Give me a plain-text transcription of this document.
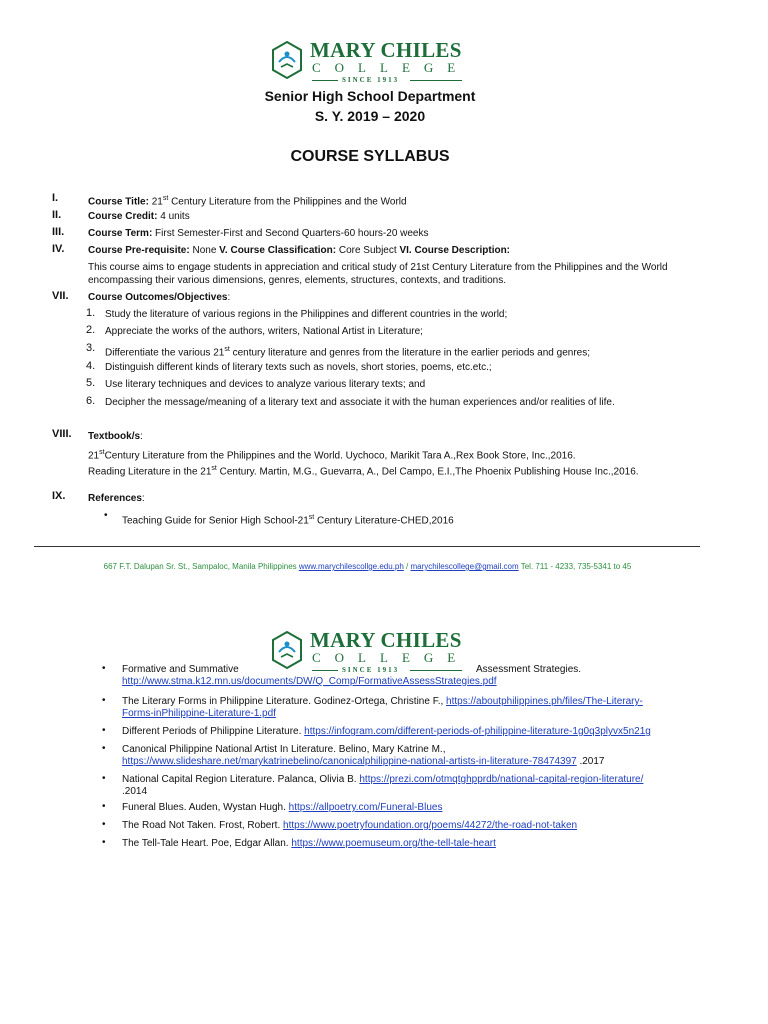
MARY CHILES
COLLEGE
SINCE 1913
Senior High School Department
S. Y. 2019 – 2020
COURSE SYLLABUS
I.	Course Title: 21st Century Literature from the Philippines and the World
II.	Course Credit: 4 units
III. Course Term: First Semester-First and Second Quarters-60 hours-20 weeks
IV. Course Pre-requisite: None V. Course Classification: Core Subject VI. Course Description:
This course aims to engage students in appreciation and critical study of 21st Century Literature from the Philippines and the World encompassing their various dimensions, genres, elements, structures, contexts, and traditions.
VII. Course Outcomes/Objectives:
1. Study the literature of various regions in the Philippines and different countries in the world;
2. Appreciate the works of the authors, writers, National Artist in Literature;
3. Differentiate the various 21st century literature and genres from the literature in the earlier periods and genres;
4. Distinguish different kinds of literary texts such as novels, short stories, poems, etc.etc.;
5. Use literary techniques and devices to analyze various literary texts; and
6. Decipher the message/meaning of a literary text and associate it with the human experiences and/or realities of life.
VIII. Textbook/s:
21stCentury Literature from the Philippines and the World. Uychoco, Marikit Tara A.,Rex Book Store, Inc.,2016.
Reading Literature in the 21st Century. Martin, M.G., Guevarra, A., Del Campo, E.I.,The Phoenix Publishing House Inc.,2016.
IX. References:
• Teaching Guide for Senior High School-21st Century Literature-CHED,2016
667 F.T. Dalupan Sr. St., Sampaloc, Manila Philippines www.marychilescollge.edu.ph / marychilescollege@gmail.com Tel. 711 - 4233, 735-5341 to 45
MARY CHILES
COLLEGE
SINCE 1913
• Formative and Summative	Assessment Strategies.

http://www.stma.k12.mn.us/documents/DW/Q_Comp/FormativeAssessStrategies.pdf
• The Literary Forms in Philippine Literature. Godinez-Ortega, Christine F., https://aboutphilippines.ph/files/The-Literary-
Forms-inPhilippine-Literature-1.pdf
• Different Periods of Philippine Literature. https://infogram.com/different-periods-of-philippine-literature-1g0q3plyvx5n21g
• Canonical Philippine National Artist In Literature. Belino, Mary Katrine M.,
https://www.slideshare.net/marykatrinebelino/canonicalphilippine-national-artists-in-literature-78474397 .2017
• National Capital Region Literature. Palanca, Olivia B. https://prezi.com/otmqtghpprdb/national-capital-region-literature/
.2014
• Funeral Blues. Auden, Wystan Hugh. https://allpoetry.com/Funeral-Blues
• The Road Not Taken. Frost, Robert. https://www.poetryfoundation.org/poems/44272/the-road-not-taken
• The Tell-Tale Heart. Poe, Edgar Allan. https://www.poemuseum.org/the-tell-tale-heart
